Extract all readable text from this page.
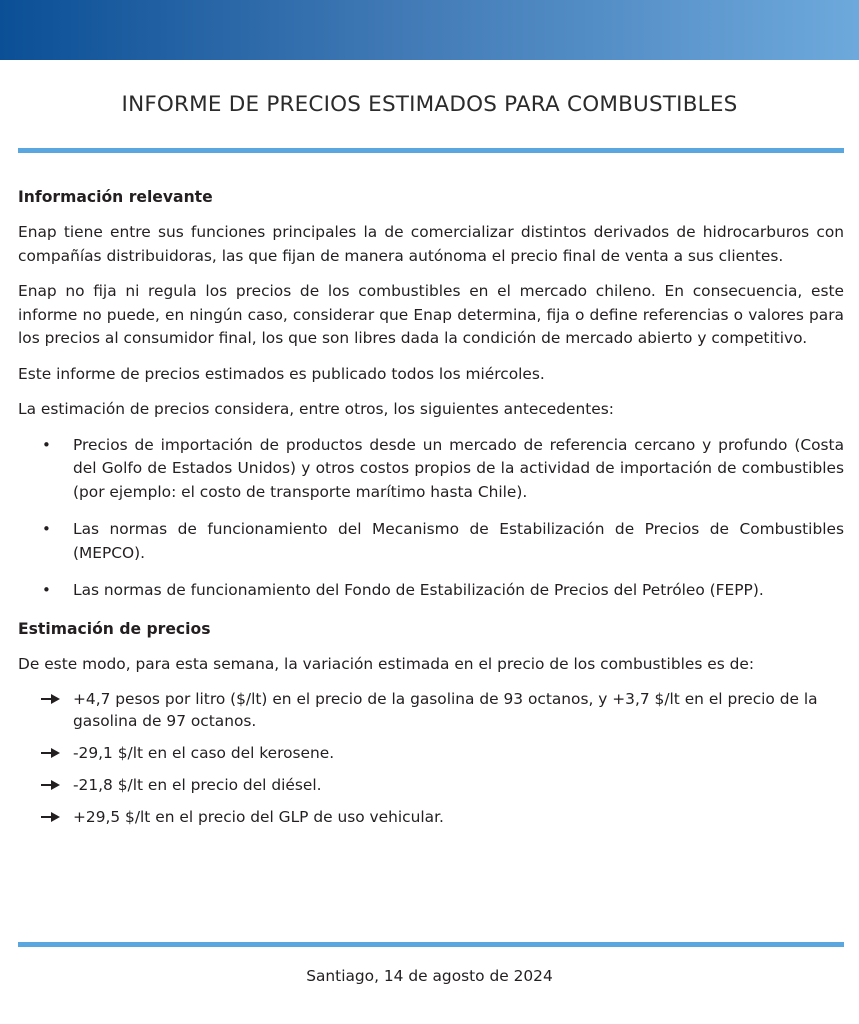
INFORME DE PRECIOS ESTIMADOS PARA COMBUSTIBLES
Información relevante

Enap tiene entre sus funciones principales la de comercializar distintos derivados de hidrocarburos con compañías distribuidoras, las que fijan de manera autónoma el precio final de venta a sus clientes.

Enap no fija ni regula los precios de los combustibles en el mercado chileno. En consecuencia, este informe no puede, en ningún caso, considerar que Enap determina, fija o define referencias o valores para los precios al consumidor final, los que son libres dada la condición de mercado abierto y competitivo.

Este informe de precios estimados es publicado todos los miércoles.

La estimación de precios considera, entre otros, los siguientes antecedentes:

• Precios de importación de productos desde un mercado de referencia cercano y profundo (Costa del Golfo de Estados Unidos) y otros costos propios de la actividad de importación de combustibles (por ejemplo: el costo de transporte marítimo hasta Chile).
• Las normas de funcionamiento del Mecanismo de Estabilización de Precios de Combustibles (MEPCO).
• Las normas de funcionamiento del Fondo de Estabilización de Precios del Petróleo (FEPP).
Estimación de precios

De este modo, para esta semana, la variación estimada en el precio de los combustibles es de:

+4,7 pesos por litro ($/lt) en el precio de la gasolina de 93 octanos, y +3,7 $/lt en el precio de la gasolina de 97 octanos.
-29,1 $/lt en el caso del kerosene.
-21,8 $/lt en el precio del diésel.
+29,5 $/lt en el precio del GLP de uso vehicular.
Santiago, 14 de agosto de 2024
